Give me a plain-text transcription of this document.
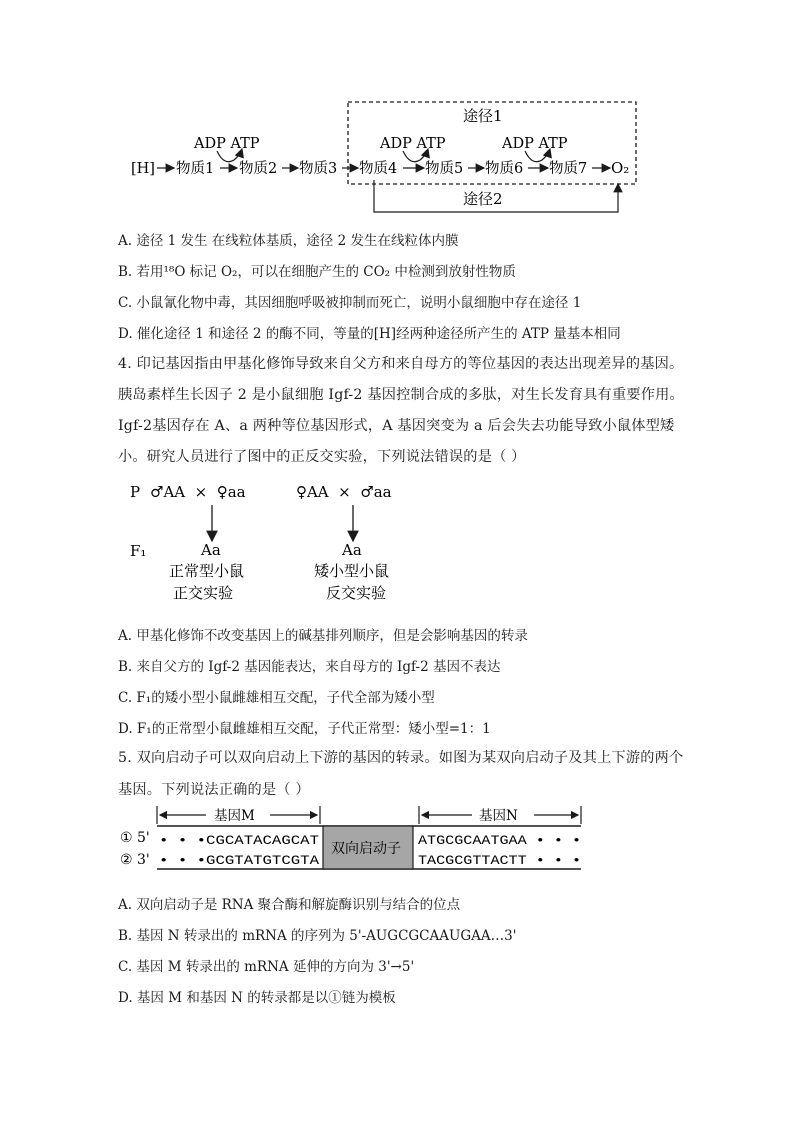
途径1
ADP ATP	ADP ATP	ADP ATP
[H] 物质1 物质2 物质3 物质4 物质5 物质6 物质7 O₂
途径2
A. 途径 1 发生 在线粒体基质，途径 2 发生在线粒体内膜
B. 若用¹⁸O 标记 O₂，可以在细胞产生的 CO₂ 中检测到放射性物质
C. 小鼠氰化物中毒，其因细胞呼吸被抑制而死亡，说明小鼠细胞中存在途径 1
D. 催化途径 1 和途径 2 的酶不同，等量的[H]经两种途径所产生的 ATP 量基本相同
4. 印记基因指由甲基化修饰导致来自父方和来自母方的等位基因的表达出现差异的基因。
胰岛素样生长因子 2 是小鼠细胞 Igf-2 基因控制合成的多肽，对生长发育具有重要作用。
Igf-2基因存在 A、a 两种等位基因形式，A 基因突变为 a 后会失去功能导致小鼠体型矮
小。研究人员进行了图中的正反交实验，下列说法错误的是（ ）
P ♂AA  ×  ♀aa	♀AA  ×  ♂aa
F₁	Aa	Aa
正常型小鼠	矮小型小鼠
正交实验	反交实验
A. 甲基化修饰不改变基因上的碱基排列顺序，但是会影响基因的转录
B. 来自父方的 Igf-2 基因能表达，来自母方的 Igf-2 基因不表达
C. F₁的矮小型小鼠雌雄相互交配，子代全部为矮小型
D. F₁的正常型小鼠雌雄相互交配，子代正常型：矮小型=1：1
5. 双向启动子可以双向启动上下游的基因的转录。如图为某双向启动子及其上下游的两个
基因。下列说法正确的是（ ）
基因M	基因N
双向启动子
① 5'
② 3'
• • •CGCATACAGCAT
• • •GCGTATGTCGTA
ATGCGCAATGAA • • •
TACGCGTTACTT • • •
A. 双向启动子是 RNA 聚合酶和解旋酶识别与结合的位点
B. 基因 N 转录出的 mRNA 的序列为 5'-AUGCGCAAUGAA…3'
C. 基因 M 转录出的 mRNA 延伸的方向为 3'→5'
D. 基因 M 和基因 N 的转录都是以①链为模板
